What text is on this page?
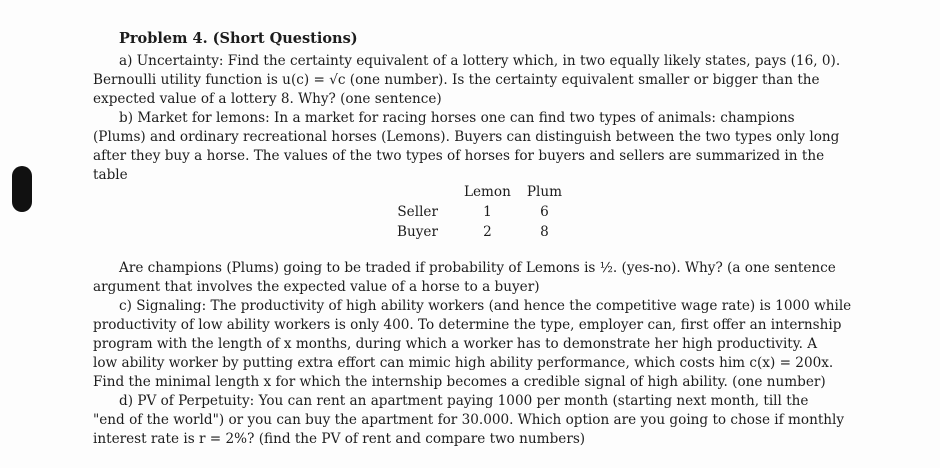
Problem 4. (Short Questions)
a) Uncertainty: Find the certainty equivalent of a lottery which, in two equally likely states, pays (16, 0).
Bernoulli utility function is u(c) = √c (one number). Is the certainty equivalent smaller or bigger than the
expected value of a lottery 8. Why? (one sentence)
b) Market for lemons: In a market for racing horses one can find two types of animals: champions
(Plums) and ordinary recreational horses (Lemons). Buyers can distinguish between the two types only long
after they buy a horse. The values of the two types of horses for buyers and sellers are summarized in the
table
	Lemon	Plum
Seller	1	6
Buyer	2	8
Are champions (Plums) going to be traded if probability of Lemons is ½. (yes-no). Why? (a one sentence
argument that involves the expected value of a horse to a buyer)
c) Signaling: The productivity of high ability workers (and hence the competitive wage rate) is 1000 while
productivity of low ability workers is only 400. To determine the type, employer can, first offer an internship
program with the length of x months, during which a worker has to demonstrate her high productivity. A
low ability worker by putting extra effort can mimic high ability performance, which costs him c(x) = 200x.
Find the minimal length x for which the internship becomes a credible signal of high ability. (one number)
d) PV of Perpetuity: You can rent an apartment paying 1000 per month (starting next month, till the
"end of the world") or you can buy the apartment for 30.000. Which option are you going to chose if monthly
interest rate is r = 2%? (find the PV of rent and compare two numbers)
